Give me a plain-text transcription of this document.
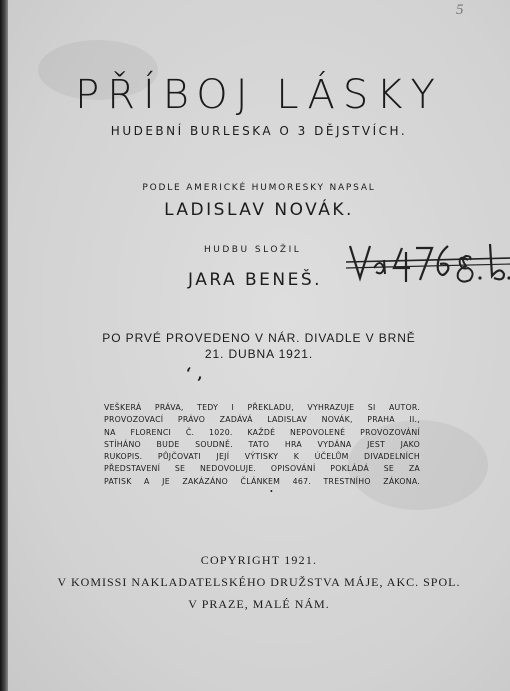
5
PŘÍBOJ LÁSKY
HUDEBNÍ BURLESKA O 3 DĚJSTVÍCH.
PODLE AMERICKÉ HUMORESKY NAPSAL
LADISLAV NOVÁK.
HUDBU SLOŽIL
JARA BENEŠ.
PO PRVÉ PROVEDENO V NÁR. DIVADLE V BRNĚ
21. DUBNA 1921.
‘ ‚
VEŠKERÁ PRÁVA, TEDY I PŘEKLADU, VYHRAZUJE SI AUTOR.
PROVOZOVACÍ PRÁVO ZADÁVÁ LADISLAV NOVÁK, PRAHA II.,
NA FLORENCI Č. 1020. KAŽDÉ NEPOVOLENÉ PROVOZOVÁNÍ
STÍHÁNO BUDE SOUDNĚ. TATO HRA VYDÁNA JEST JAKO
RUKOPIS. PŮJČOVATI JEJÍ VÝTISKY K ÚČELŮM DIVADELNÍCH
PŘEDSTAVENÍ SE NEDOVOLUJE. OPISOVÁNÍ POKLÁDÁ SE ZA
PATISK A JE ZAKÁZÁNO ČLÁNKEM 467. TRESTNÍHO ZÁKONA.
•
COPYRIGHT 1921.
V KOMISSI NAKLADATELSKÉHO DRUŽSTVA MÁJE, AKC. SPOL.
V PRAZE, MALÉ NÁM.
